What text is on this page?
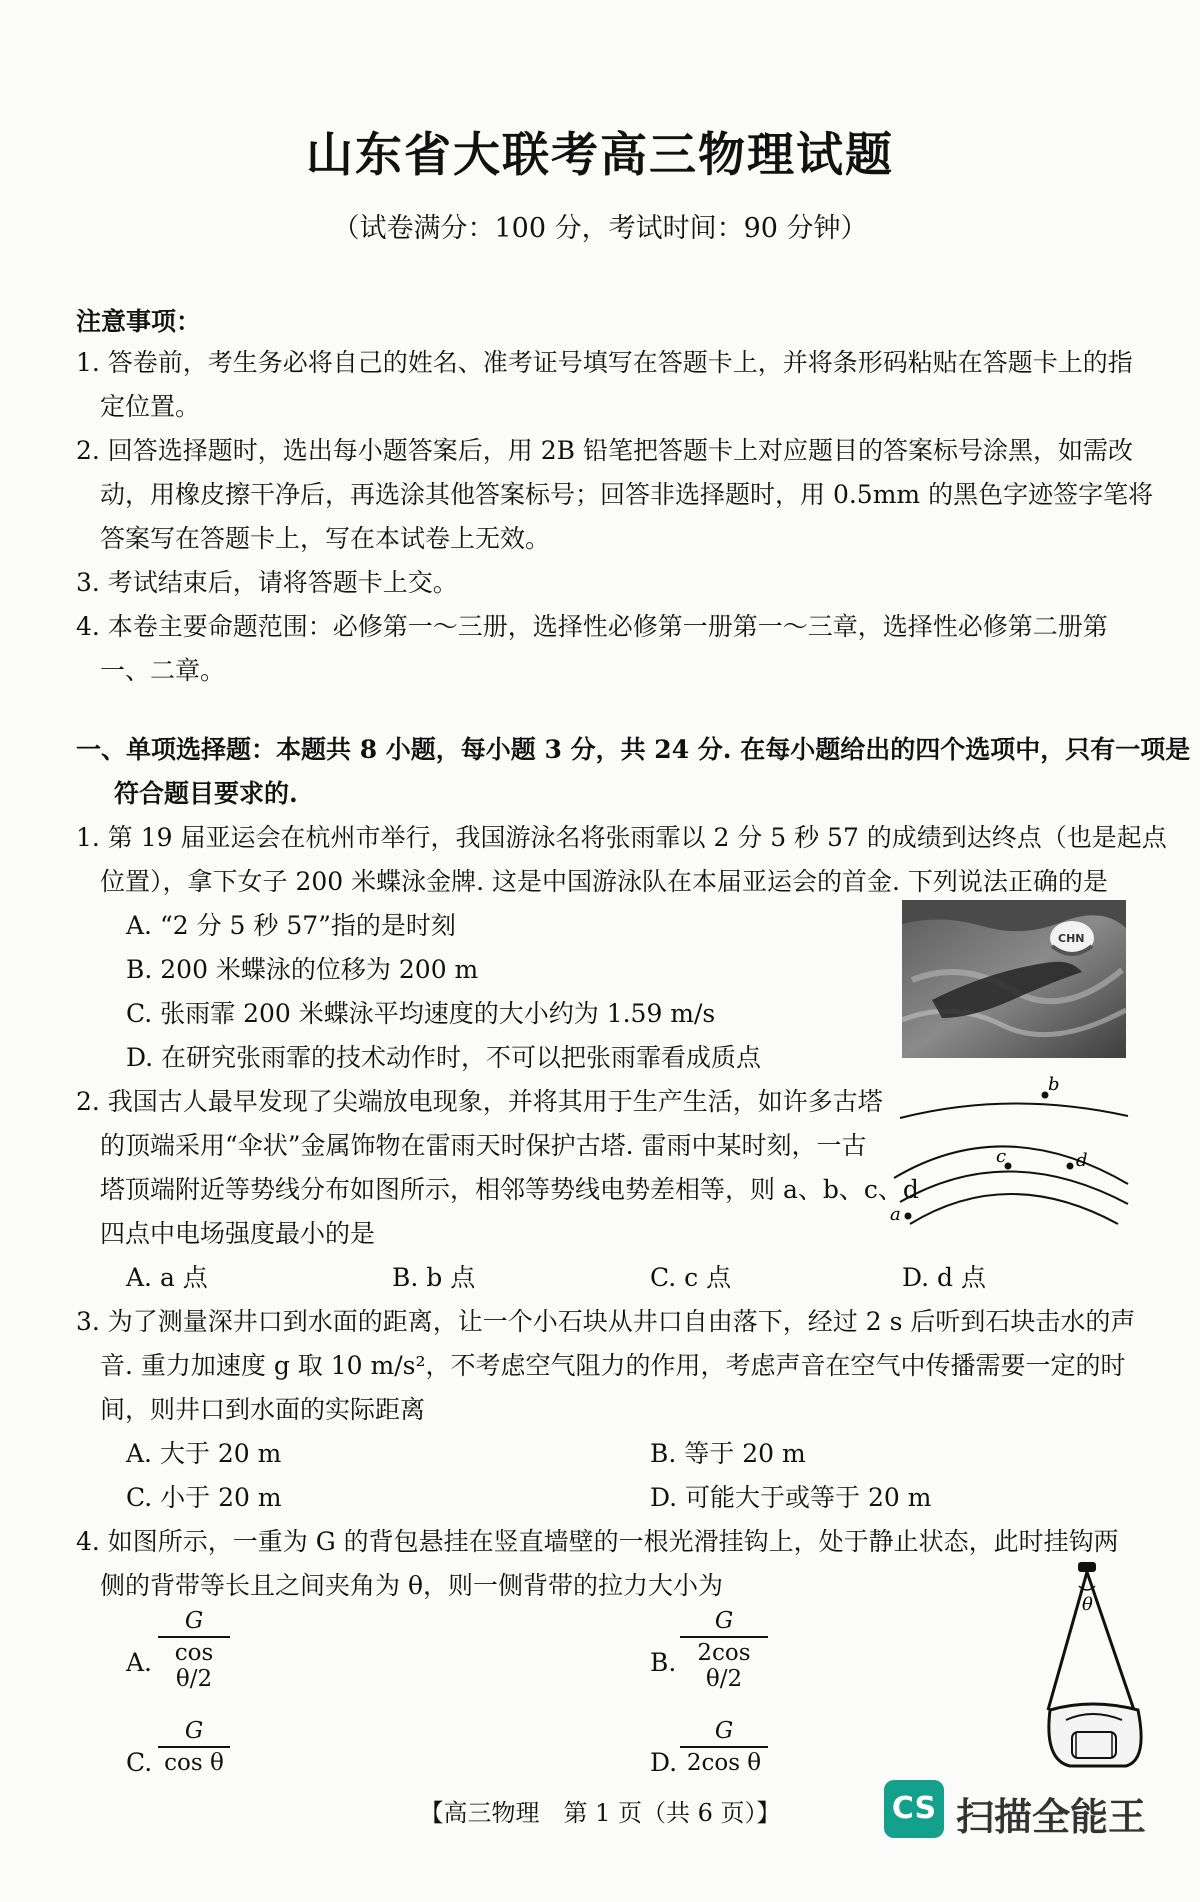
山东省大联考高三物理试题
（试卷满分：100 分，考试时间：90 分钟）
注意事项：
1. 答卷前，考生务必将自己的姓名、准考证号填写在答题卡上，并将条形码粘贴在答题卡上的指
定位置。
2. 回答选择题时，选出每小题答案后，用 2B 铅笔把答题卡上对应题目的答案标号涂黑，如需改
动，用橡皮擦干净后，再选涂其他答案标号；回答非选择题时，用 0.5mm 的黑色字迹签字笔将
答案写在答题卡上，写在本试卷上无效。
3. 考试结束后，请将答题卡上交。
4. 本卷主要命题范围：必修第一～三册，选择性必修第一册第一～三章，选择性必修第二册第
一、二章。
一、单项选择题：本题共 8 小题，每小题 3 分，共 24 分. 在每小题给出的四个选项中，只有一项是
符合题目要求的.
1. 第 19 届亚运会在杭州市举行，我国游泳名将张雨霏以 2 分 5 秒 57 的成绩到达终点（也是起点
位置），拿下女子 200 米蝶泳金牌. 这是中国游泳队在本届亚运会的首金. 下列说法正确的是
A. “2 分 5 秒 57”指的是时刻
B. 200 米蝶泳的位移为 200 m
C. 张雨霏 200 米蝶泳平均速度的大小约为 1.59 m/s
D. 在研究张雨霏的技术动作时，不可以把张雨霏看成质点
CHN
2. 我国古人最早发现了尖端放电现象，并将其用于生产生活，如许多古塔
的顶端采用“伞状”金属饰物在雷雨天时保护古塔. 雷雨中某时刻，一古
塔顶端附近等势线分布如图所示，相邻等势线电势差相等，则 a、b、c、d
四点中电场强度最小的是
A. a 点	B. b 点	C. c 点	D. d 点
b
c	d
a
3. 为了测量深井口到水面的距离，让一个小石块从井口自由落下，经过 2 s 后听到石块击水的声
音. 重力加速度 g 取 10 m/s²，不考虑空气阻力的作用，考虑声音在空气中传播需要一定的时
间，则井口到水面的实际距离
A. 大于 20 m	B. 等于 20 m
C. 小于 20 m	D. 可能大于或等于 20 m
4. 如图所示，一重为 G 的背包悬挂在竖直墙壁的一根光滑挂钩上，处于静止状态，此时挂钩两
侧的背带等长且之间夹角为 θ，则一侧背带的拉力大小为
A.
G
cos θ/2
B.
G
2cos θ/2
C.
G
cos θ	D.
G
2cos θ
θ
【高三物理　第 1 页（共 6 页）】	CS 扫描全能王
